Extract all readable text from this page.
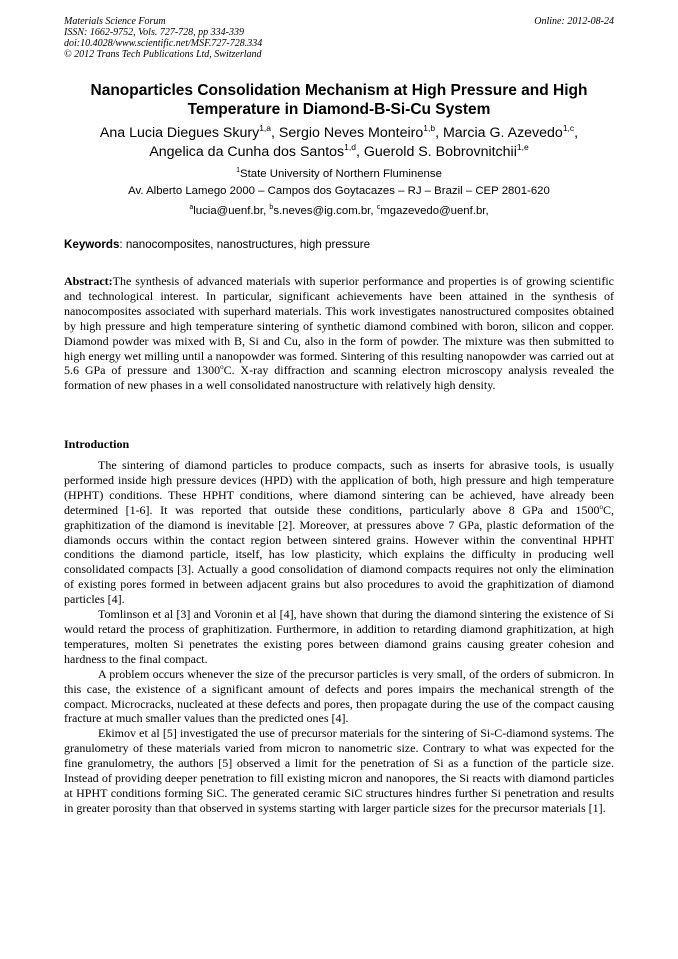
Materials Science Forum
ISSN: 1662-9752, Vols. 727-728, pp 334-339
doi:10.4028/www.scientific.net/MSF.727-728.334
© 2012 Trans Tech Publications Ltd, Switzerland
Online: 2012-08-24
Nanoparticles Consolidation Mechanism at High Pressure and High Temperature in Diamond-B-Si-Cu System
Ana Lucia Diegues Skury$^{1,a}$, Sergio Neves Monteiro$^{1,b}$, Marcia G. Azevedo$^{1,c}$,
Angelica da Cunha dos Santos$^{1,d}$, Guerold S. Bobrovnitchii$^{1,e}$
$^1$State University of Northern Fluminense
Av. Alberto Lamego 2000 – Campos dos Goytacazes – RJ – Brazil – CEP 2801-620
$^a$lucia@uenf.br, $^b$s.neves@ig.com.br, $^c$mgazevedo@uenf.br,
Keywords: nanocomposites, nanostructures, high pressure
Abstract:The synthesis of advanced materials with superior performance and properties is of growing scientific and technological interest. In particular, significant achievements have been attained in the synthesis of nanocomposites associated with superhard materials. This work investigates nanostructured composites obtained by high pressure and high temperature sintering of synthetic diamond combined with boron, silicon and copper. Diamond powder was mixed with B, Si and Cu, also in the form of powder. The mixture was then submitted to high energy wet milling until a nanopowder was formed. Sintering of this resulting nanopowder was carried out at 5.6 GPa of pressure and 1300$^o$C. X-ray diffraction and scanning electron microscopy analysis revealed the formation of new phases in a well consolidated nanostructure with relatively high density.
Introduction

The sintering of diamond particles to produce compacts, such as inserts for abrasive tools, is usually performed inside high pressure devices (HPD) with the application of both, high pressure and high temperature (HPHT) conditions. These HPHT conditions, where diamond sintering can be achieved, have already been determined [1-6]. It was reported that outside these conditions, particularly above 8 GPa and 1500$^o$C, graphitization of the diamond is inevitable [2]. Moreover, at pressures above 7 GPa, plastic deformation of the diamonds occurs within the contact region between sintered grains. However within the conventinal HPHT conditions the diamond particle, itself, has low plasticity, which explains the difficulty in producing well consolidated compacts [3]. Actually a good consolidation of diamond compacts requires not only the elimination of existing pores formed in between adjacent grains but also procedures to avoid the graphitization of diamond particles [4].

Tomlinson et al [3] and Voronin et al [4], have shown that during the diamond sintering the existence of Si would retard the process of graphitization. Furthermore, in addition to retarding diamond graphitization, at high temperatures, molten Si penetrates the existing pores between diamond grains causing greater cohesion and hardness to the final compact.

A problem occurs whenever the size of the precursor particles is very small, of the orders of submicron. In this case, the existence of a significant amount of defects and pores impairs the mechanical strength of the compact. Microcracks, nucleated at these defects and pores, then propagate during the use of the compact causing fracture at much smaller values than the predicted ones [4].

Ekimov et al [5] investigated the use of precursor materials for the sintering of Si-C-diamond systems. The granulometry of these materials varied from micron to nanometric size. Contrary to what was expected for the fine granulometry, the authors [5] observed a limit for the penetration of Si as a function of the particle size. Instead of providing deeper penetration to fill existing micron and nanopores, the Si reacts with diamond particles at HPHT conditions forming SiC. The generated ceramic SiC structures hindres further Si penetration and results in greater porosity than that observed in systems starting with larger particle sizes for the precursor materials [1].
